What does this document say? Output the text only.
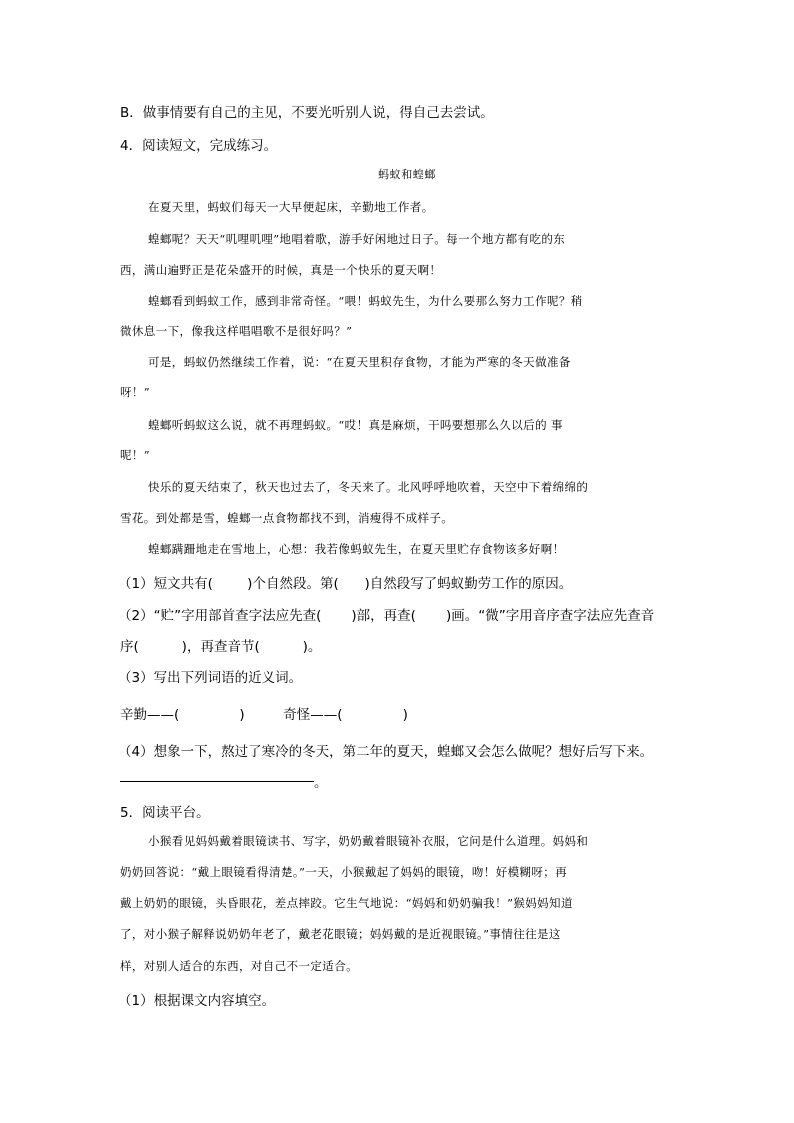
B．做事情要有自己的主见，不要光听别人说，得自己去尝试。
4．阅读短文，完成练习。
蚂蚁和蝗螂
在夏天里，蚂蚁们每天一大早便起床，辛勤地工作者。
蝗螂呢？天天“叽哩叽哩”地唱着歌，游手好闲地过日子。每一个地方都有吃的东
西，满山遍野正是花朵盛开的时候，真是一个快乐的夏天啊！
蝗螂看到蚂蚁工作，感到非常奇怪。“喂！蚂蚁先生，为什么要那么努力工作呢？稍
微休息一下，像我这样唱唱歌不是很好吗？”
可是，蚂蚁仍然继续工作着，说：“在夏天里积存食物，才能为严寒的冬天做准备
呀！”
蝗螂听蚂蚁这么说，就不再理蚂蚁。“哎！真是麻烦，干吗要想那么久以后的 事
呢！”
快乐的夏天结束了，秋天也过去了，冬天来了。北风呼呼地吹着，天空中下着绵绵的
雪花。到处都是雪，蝗螂一点食物都找不到，消瘦得不成样子。
蝗螂蹒跚地走在雪地上，心想：我若像蚂蚁先生，在夏天里贮存食物该多好啊！
（1）短文共有(        )个自然段。第(      )自然段写了蚂蚁勤劳工作的原因。
（2）“贮”字用部首查字法应先查(       )部，再查(       )画。“微”字用音序查字法应先查音
序(          )，再查音节(          )。
（3）写出下列词语的近义词。
辛勤——(              )         奇怪——(              )
（4）想象一下，熬过了寒冷的冬天，第二年的夏天，蝗螂又会怎么做呢？想好后写下来。
。
5．阅读平台。
小猴看见妈妈戴着眼镜读书、写字，奶奶戴着眼镜补衣服，它问是什么道理。妈妈和
奶奶回答说：“戴上眼镜看得清楚。”一天，小猴戴起了妈妈的眼镜，吻！好模糊呀；再
戴上奶奶的眼镜，头昏眼花，差点摔跤。它生气地说：“妈妈和奶奶骗我！”猴妈妈知道
了，对小猴子解释说奶奶年老了，戴老花眼镜；妈妈戴的是近视眼镜。”事情往往是这
样，对别人适合的东西，对自己不一定适合。
（1）根据课文内容填空。
